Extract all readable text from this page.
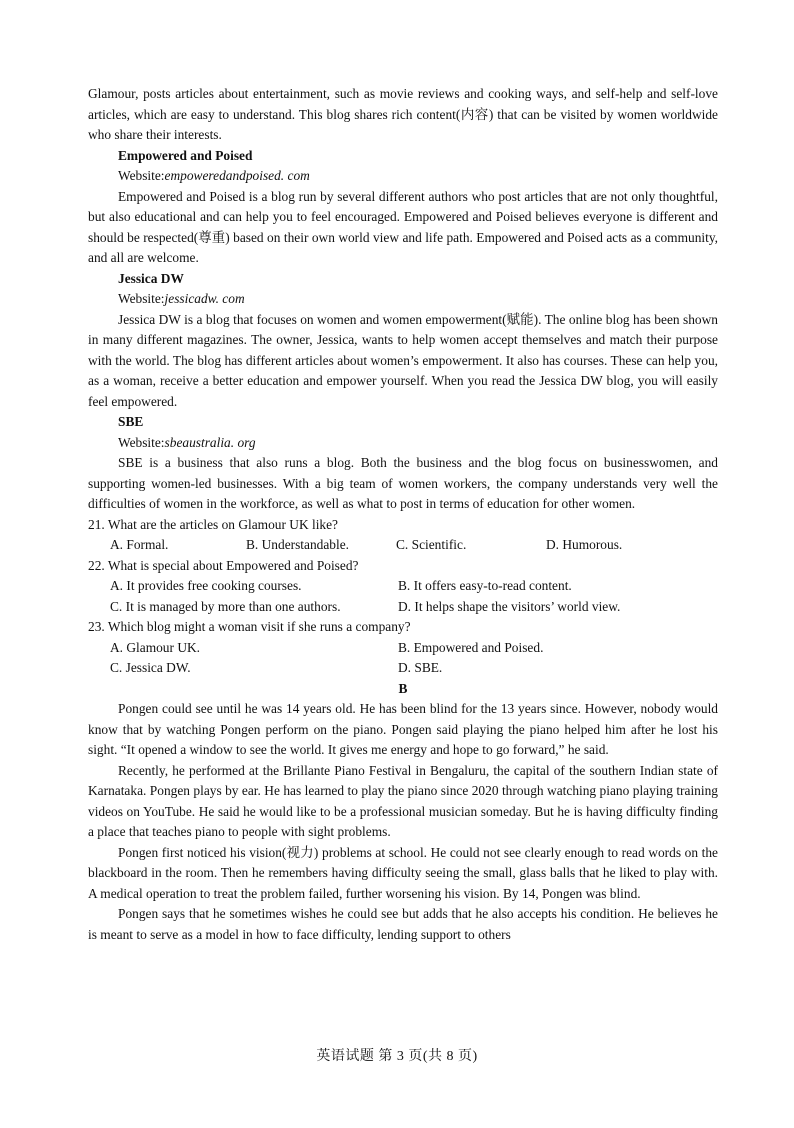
Glamour, posts articles about entertainment, such as movie reviews and cooking ways, and self-help and self-love articles, which are easy to understand. This blog shares rich content(内容) that can be visited by women worldwide who share their interests.

Empowered and Poised

Website:empoweredandpoised. com

Empowered and Poised is a blog run by several different authors who post articles that are not only thoughtful, but also educational and can help you to feel encouraged. Empowered and Poised believes everyone is different and should be respected(尊重) based on their own world view and life path. Empowered and Poised acts as a community, and all are welcome.

Jessica DW

Website:jessicadw. com

Jessica DW is a blog that focuses on women and women empowerment(赋能). The online blog has been shown in many different magazines. The owner, Jessica, wants to help women accept themselves and match their purpose with the world. The blog has different articles about women’s empowerment. It also has courses. These can help you, as a woman, receive a better education and empower yourself. When you read the Jessica DW blog, you will easily feel empowered.

SBE

Website:sbeaustralia. org

SBE is a business that also runs a blog. Both the business and the blog focus on businesswomen, and supporting women-led businesses. With a big team of women workers, the company understands very well the difficulties of women in the workforce, as well as what to post in terms of education for other women.

21. What are the articles on Glamour UK like?
A. Formal.	B. Understandable.	C. Scientific.	D. Humorous.
22. What is special about Empowered and Poised?
A. It provides free cooking courses.	B. It offers easy-to-read content.
C. It is managed by more than one authors.	D. It helps shape the visitors’ world view.
23. Which blog might a woman visit if she runs a company?
A. Glamour UK.	B. Empowered and Poised.
C. Jessica DW.	D. SBE.
B

Pongen could see until he was 14 years old. He has been blind for the 13 years since. However, nobody would know that by watching Pongen perform on the piano. Pongen said playing the piano helped him after he lost his sight. “It opened a window to see the world. It gives me energy and hope to go forward,” he said.

Recently, he performed at the Brillante Piano Festival in Bengaluru, the capital of the southern Indian state of Karnataka. Pongen plays by ear. He has learned to play the piano since 2020 through watching piano playing training videos on YouTube. He said he would like to be a professional musician someday. But he is having difficulty finding a place that teaches piano to people with sight problems.

Pongen first noticed his vision(视力) problems at school. He could not see clearly enough to read words on the blackboard in the room. Then he remembers having difficulty seeing the small, glass balls that he liked to play with. A medical operation to treat the problem failed, further worsening his vision. By 14, Pongen was blind.

Pongen says that he sometimes wishes he could see but adds that he also accepts his condition. He believes he is meant to serve as a model in how to face difficulty, lending support to others

英语试题 第 3 页(共 8 页)
